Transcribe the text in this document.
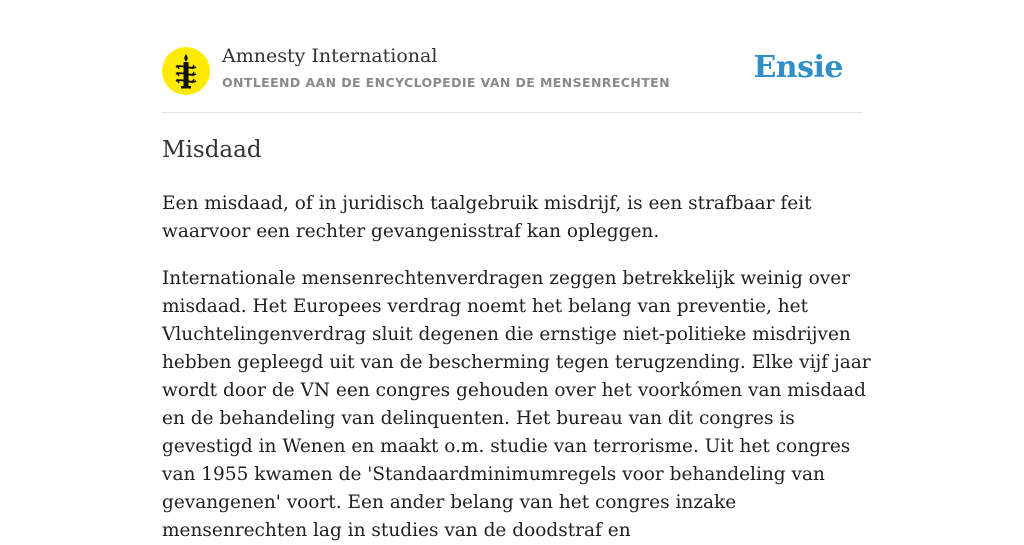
Amnesty International
ONTLEEND AAN DE ENCYCLOPEDIE VAN DE MENSENRECHTEN	Ensie
Misdaad

Een misdaad, of in juridisch taalgebruik misdrijf, is een strafbaar feit waarvoor een rechter gevangenisstraf kan opleggen.

Internationale mensenrechtenverdragen zeggen betrekkelijk weinig over misdaad. Het Europees verdrag noemt het belang van preventie, het Vluchtelingenverdrag sluit degenen die ernstige niet-politieke misdrijven hebben gepleegd uit van de bescherming tegen terugzending. Elke vijf jaar wordt door de VN een congres gehouden over het voorkómen van misdaad en de behandeling van delinquenten. Het bureau van dit congres is gevestigd in Wenen en maakt o.m. studie van terrorisme. Uit het congres van 1955 kwamen de 'Standaardminimumregels voor behandeling van gevangenen' voort. Een ander belang van het congres inzake mensenrechten lag in studies van de doodstraf en
